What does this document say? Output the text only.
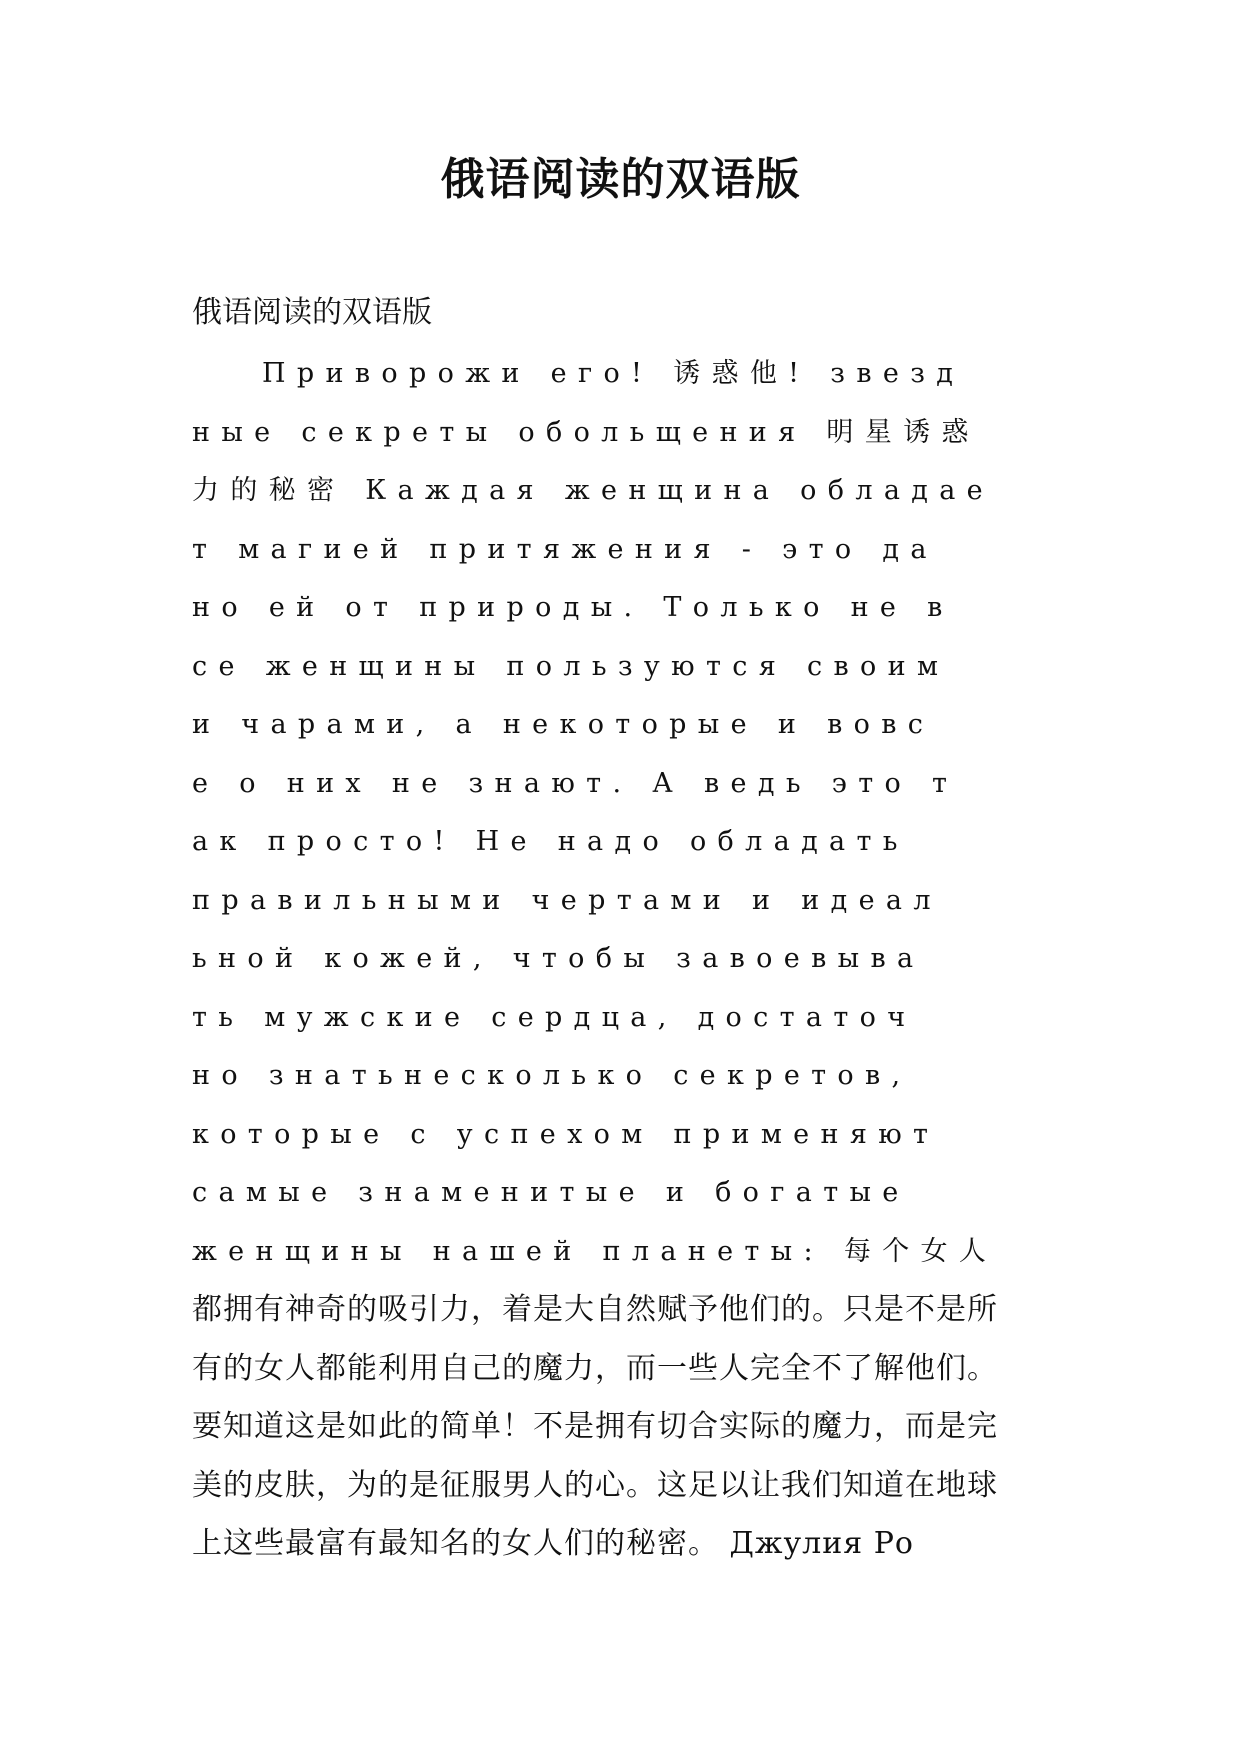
俄语阅读的双语版

俄语阅读的双语版

Приворожи его! 诱惑他! звезд
ные секреты обольщения 明星诱惑
力的秘密 Каждая женщина обладае
т магией притяжения - это да
но ей от природы. Только не в
се женщины пользуются своим
и чарами, а некоторые и вовс
е о них не знают. А ведь это т
ак просто! Не надо обладать
правильными чертами и идеал
ьной кожей, чтобы завоевыва
ть мужские сердца, достаточ
но знатьнесколько секретов,
которые с успехом применяют
самые знаменитые и богатые
женщины нашей планеты: 每个女人
都拥有神奇的吸引力，着是大自然赋予他们的。只是不是所
有的女人都能利用自己的魔力，而一些人完全不了解他们。
要知道这是如此的简单！不是拥有切合实际的魔力，而是完
美的皮肤，为的是征服男人的心。这足以让我们知道在地球
上这些最富有最知名的女人们的秘密。 Джулия Ро
